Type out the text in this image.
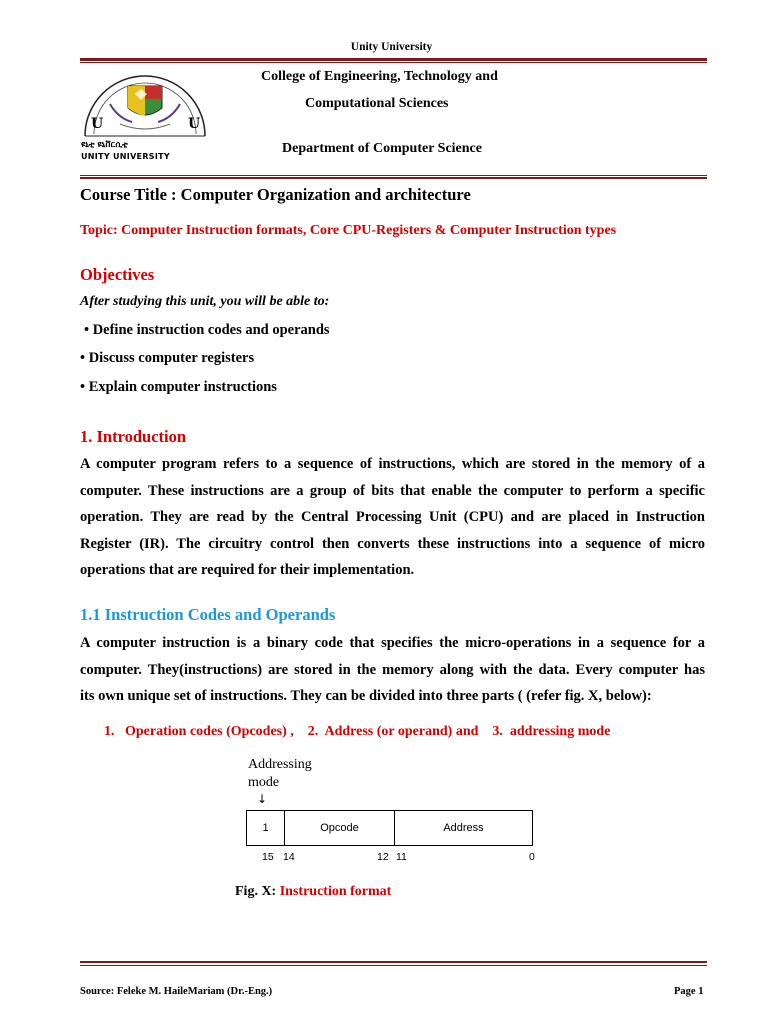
Unity University
U	U
ዩኒቲ ዩኒቨርሲቲ
UNITY UNIVERSITY
College of Engineering, Technology and
Computational Sciences
Department of Computer Science
Course Title : Computer Organization and architecture
Topic: Computer Instruction formats, Core CPU-Registers & Computer Instruction types
Objectives
After studying this unit, you will be able to:
• Define instruction codes and operands
• Discuss computer registers
• Explain computer instructions
1. Introduction

A computer program refers to a sequence of instructions, which are stored in the memory of a

computer. These instructions are a group of bits that enable the computer to perform a specific

operation. They are read by the Central Processing Unit (CPU) and are placed in Instruction

Register (IR). The circuitry control then converts these instructions into a sequence of micro

operations that are required for their implementation.

1.1 Instruction Codes and Operands

A computer instruction is a binary code that specifies the micro-operations in a sequence for a

computer. They(instructions) are stored in the memory along with the data. Every computer has

its own unique set of instructions. They can be divided into three parts ( (refer fig. X, below):

1.   Operation codes (Opcodes) ,    2.  Address (or operand) and    3.  addressing mode
Addressing
mode
↓
1	Opcode	Address
15 14	12 11	0
Fig. X: Instruction format
Source: Feleke M. HaileMariam (Dr.-Eng.)	Page 1
